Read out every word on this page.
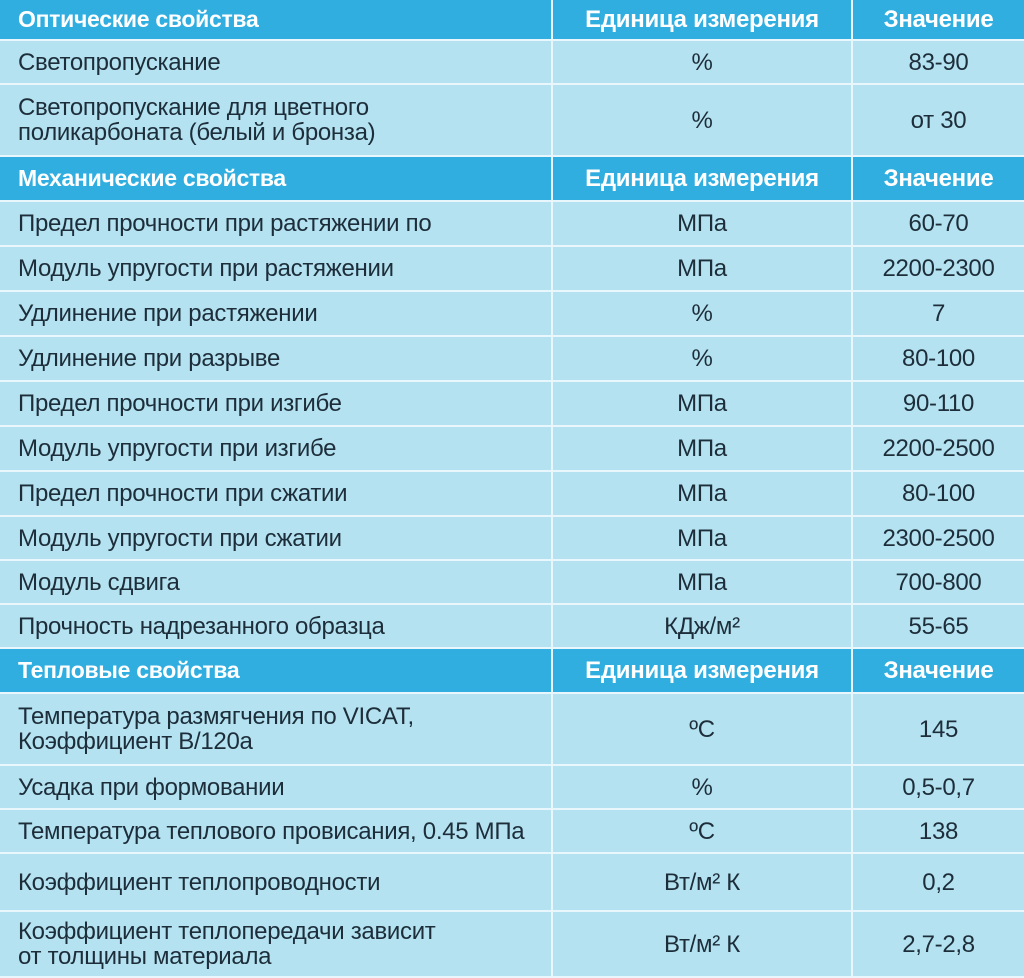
Оптические свойства	Единица измерения	Значение
Светопропускание	%	83-90
Светопропускание для цветного
поликарбоната (белый и бронза)	%	от 30
Механические свойства	Единица измерения	Значение
Предел прочности при растяжении по	МПа	60-70
Модуль упругости при растяжении	МПа	2200-2300
Удлинение при растяжении	%	7
Удлинение при разрыве	%	80-100
Предел прочности при изгибе	МПа	90-110
Модуль упругости при изгибе	МПа	2200-2500
Предел прочности при сжатии	МПа	80-100
Модуль упругости при сжатии	МПа	2300-2500
Модуль сдвига	МПа	700-800
Прочность надрезанного образца	КДж/м²	55-65
Тепловые свойства	Единица измерения	Значение
Температура размягчения по VICAT,
Коэффициент B/120a	ºС	145
Усадка при формовании	%	0,5-0,7
Температура теплового провисания, 0.45 МПа	ºС	138
Коэффициент теплопроводности	Вт/м² К	0,2
Коэффициент теплопередачи зависит
от толщины материала	Вт/м² К	2,7-2,8
